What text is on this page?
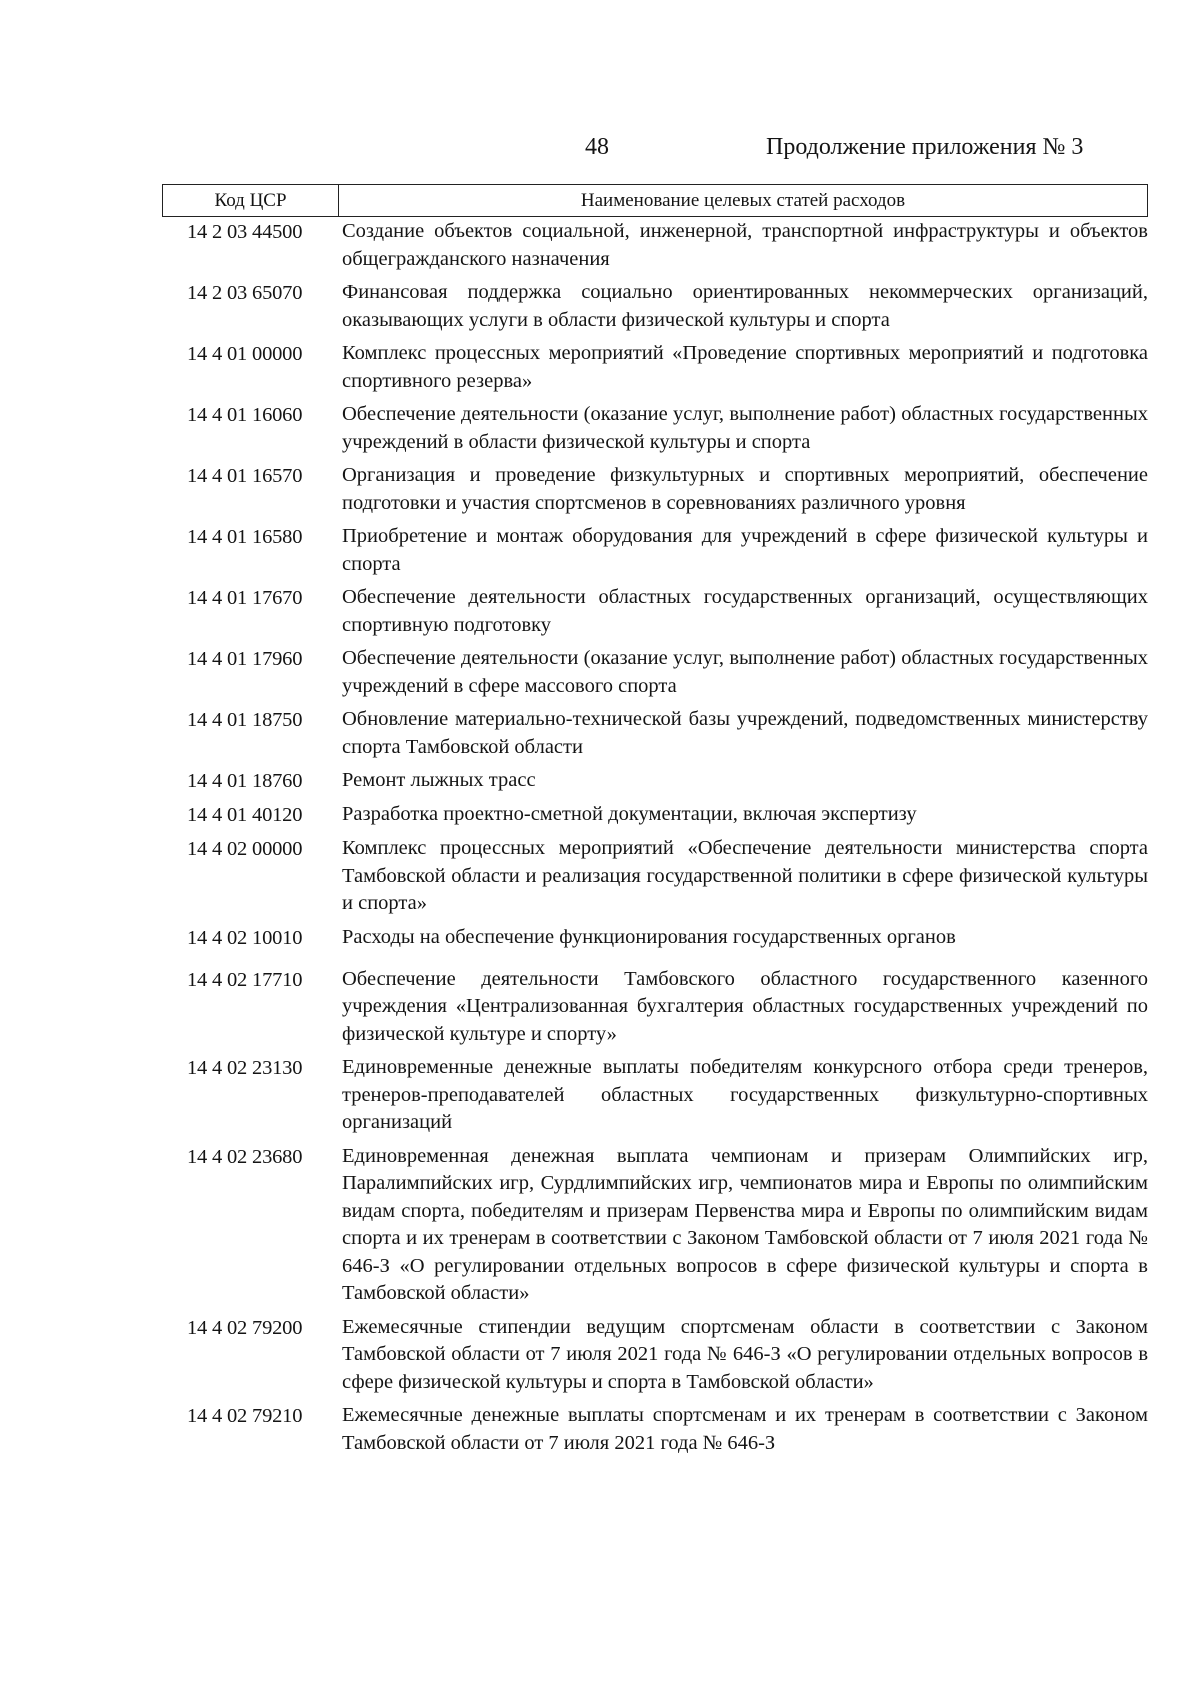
48	Продолжение приложения № 3
Код ЦСР	Наименование целевых статей расходов
14 2 03 44500	Создание объектов социальной, инженерной, транспортной инфраструктуры и объектов общегражданского назначения
14 2 03 65070	Финансовая поддержка социально ориентированных некоммерческих организаций, оказывающих услуги в области физической культуры и спорта
14 4 01 00000	Комплекс процессных мероприятий «Проведение спортивных мероприятий и подготовка спортивного резерва»
14 4 01 16060	Обеспечение деятельности (оказание услуг, выполнение работ) областных государственных учреждений в области физической культуры и спорта
14 4 01 16570	Организация и проведение физкультурных и спортивных мероприятий, обеспечение подготовки и участия спортсменов в соревнованиях различного уровня
14 4 01 16580	Приобретение и монтаж оборудования для учреждений в сфере физической культуры и спорта
14 4 01 17670	Обеспечение деятельности областных государственных организаций, осуществляющих спортивную подготовку
14 4 01 17960	Обеспечение деятельности (оказание услуг, выполнение работ) областных государственных учреждений в сфере массового спорта
14 4 01 18750	Обновление материально-технической базы учреждений, подведомственных министерству спорта Тамбовской области
14 4 01 18760	Ремонт лыжных трасс
14 4 01 40120	Разработка проектно-сметной документации, включая экспертизу
14 4 02 00000	Комплекс процессных мероприятий «Обеспечение деятельности министерства спорта Тамбовской области и реализация государственной политики в сфере физической культуры и спорта»
14 4 02 10010	Расходы на обеспечение функционирования государственных органов
14 4 02 17710	Обеспечение деятельности Тамбовского областного государственного казенного учреждения «Централизованная бухгалтерия областных государственных учреждений по физической культуре и спорту»
14 4 02 23130	Единовременные денежные выплаты победителям конкурсного отбора среди тренеров, тренеров-преподавателей областных государственных физкультурно-спортивных организаций
14 4 02 23680	Единовременная денежная выплата чемпионам и призерам Олимпийских игр, Паралимпийских игр, Сурдлимпийских игр, чемпионатов мира и Европы по олимпийским видам спорта, победителям и призерам Первенства мира и Европы по олимпийским видам спорта и их тренерам в соответствии с Законом Тамбовской области от 7 июля 2021 года № 646-З «О регулировании отдельных вопросов в сфере физической культуры и спорта в Тамбовской области»
14 4 02 79200	Ежемесячные стипендии ведущим спортсменам области в соответствии с Законом Тамбовской области от 7 июля 2021 года № 646-З «О регулировании отдельных вопросов в сфере физической культуры и спорта в Тамбовской области»
14 4 02 79210	Ежемесячные денежные выплаты спортсменам и их тренерам в соответствии с Законом Тамбовской области от 7 июля 2021 года № 646-З
